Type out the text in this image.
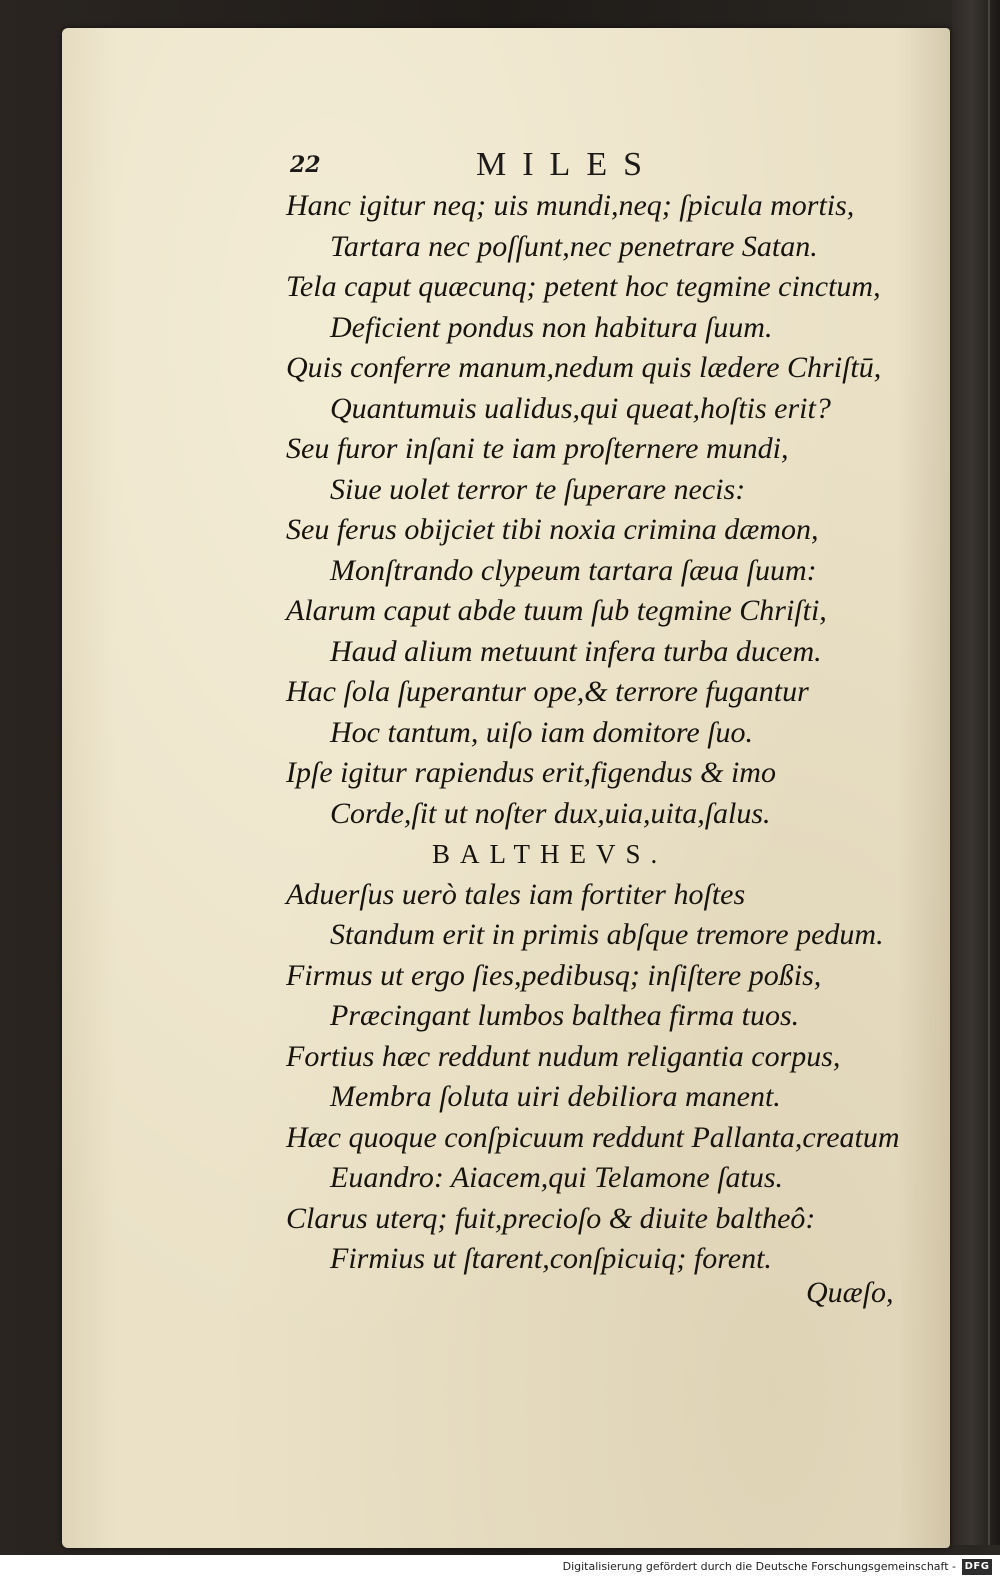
22	MILES
Hanc igitur neq; uis mundi,neq; ſpicula mortis,
Tartara nec poſſunt,nec penetrare Satan.
Tela caput quæcunq; petent hoc tegmine cinctum,
Deficient pondus non habitura ſuum.
Quis conferre manum,nedum quis lædere Chriſtū,
Quantumuis ualidus,qui queat,hoſtis erit?
Seu furor inſani te iam proſternere mundi,
Siue uolet terror te ſuperare necis:
Seu ferus obijciet tibi noxia crimina dæmon,
Monſtrando clypeum tartara ſæua ſuum:
Alarum caput abde tuum ſub tegmine Chriſti,
Haud alium metuunt infera turba ducem.
Hac ſola ſuperantur ope,& terrore fugantur
Hoc tantum, uiſo iam domitore ſuo.
Ipſe igitur rapiendus erit,figendus & imo
Corde,ſit ut noſter dux,uia,uita,ſalus.
BALTHEVS.
Aduerſus uerò tales iam fortiter hoſtes
Standum erit in primis abſque tremore pedum.
Firmus ut ergo ſies,pedibusq; inſiſtere poßis,
Præcingant lumbos balthea firma tuos.
Fortius hæc reddunt nudum religantia corpus,
Membra ſoluta uiri debiliora manent.
Hæc quoque conſpicuum reddunt Pallanta,creatum
Euandro: Aiacem,qui Telamone ſatus.
Clarus uterq; fuit,precioſo & diuite baltheô:
Firmius ut ſtarent,conſpicuiq; forent.
Quæſo,
Digitalisierung gefördert durch die Deutsche Forschungsgemeinschaft - DFG
